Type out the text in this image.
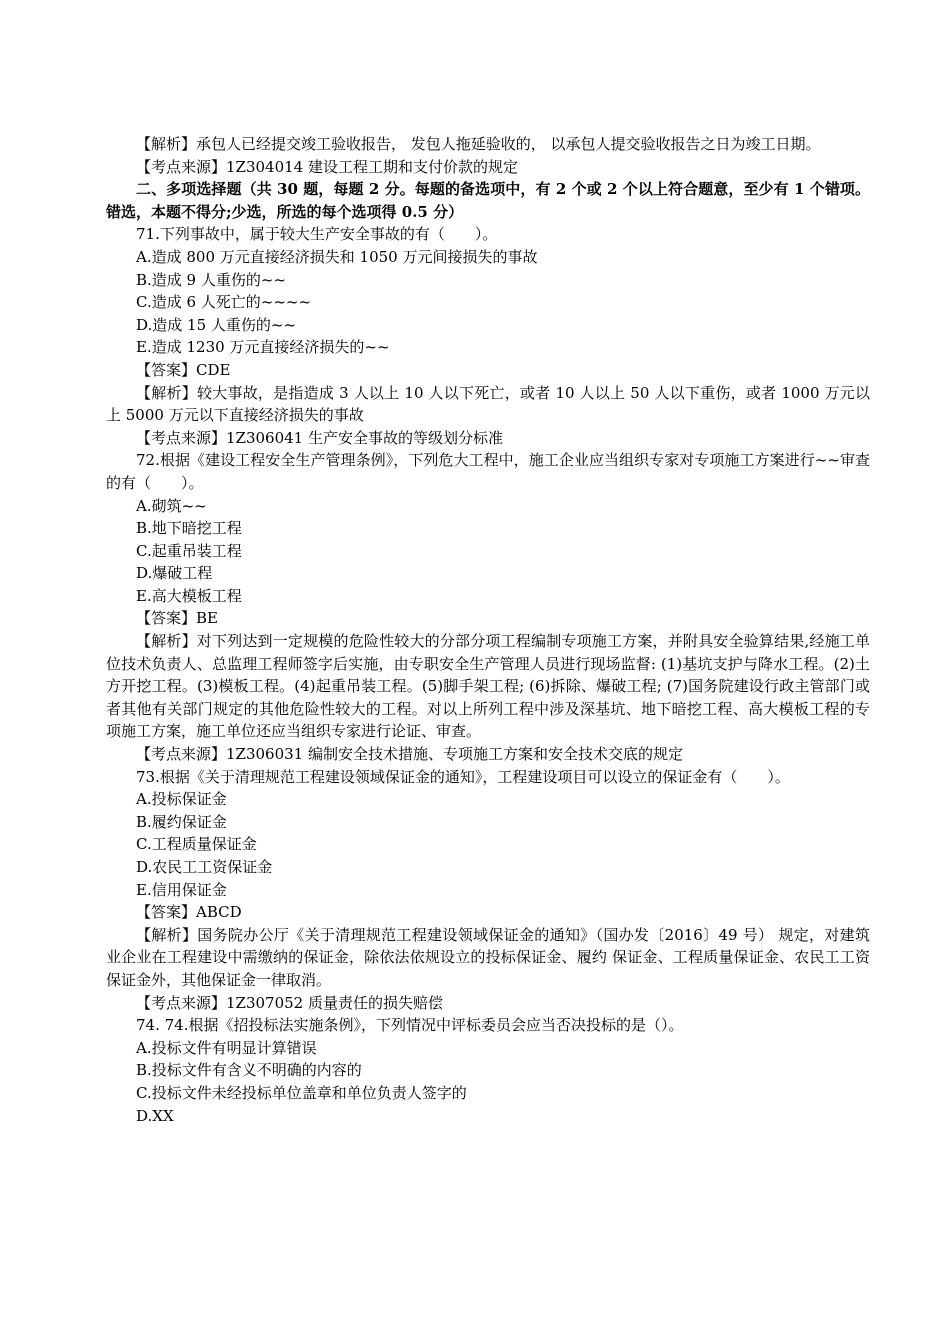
【解析】承包人已经提交竣工验收报告， 发包人拖延验收的， 以承包人提交验收报告之日为竣工日期。

【考点来源】1Z304014 建设工程工期和支付价款的规定

二、多项选择题（共 30 题，每题 2 分。每题的备选项中，有 2 个或 2 个以上符合题意，至少有 1 个错项。错选，本题不得分;少选，所选的每个选项得 0.5 分）

71.下列事故中，属于较大生产安全事故的有（　　）。

A.造成 800 万元直接经济损失和 1050 万元间接损失的事故

B.造成 9 人重伤的~~

C.造成 6 人死亡的~~~~

D.造成 15 人重伤的~~

E.造成 1230 万元直接经济损失的~~

【答案】CDE

【解析】较大事故，是指造成 3 人以上 10 人以下死亡，或者 10 人以上 50 人以下重伤，或者 1000 万元以上 5000 万元以下直接经济损失的事故

【考点来源】1Z306041 生产安全事故的等级划分标准

72.根据《建设工程安全生产管理条例》，下列危大工程中，施工企业应当组织专家对专项施工方案进行~~审查的有（　　）。

A.砌筑~~

B.地下暗挖工程

C.起重吊装工程

D.爆破工程

E.高大模板工程

【答案】BE

【解析】对下列达到一定规模的危险性较大的分部分项工程编制专项施工方案，并附具安全验算结果,经施工单位技术负责人、总监理工程师签字后实施，由专职安全生产管理人员进行现场监督: (1)基坑支护与降水工程。(2)土方开挖工程。(3)模板工程。(4)起重吊装工程。(5)脚手架工程; (6)拆除、爆破工程; (7)国务院建设行政主管部门或者其他有关部门规定的其他危险性较大的工程。对以上所列工程中涉及深基坑、地下暗挖工程、高大模板工程的专项施工方案，施工单位还应当组织专家进行论证、审查。

【考点来源】1Z306031 编制安全技术措施、专项施工方案和安全技术交底的规定

73.根据《关于清理规范工程建设领域保证金的通知》，工程建设项目可以设立的保证金有（　　）。

A.投标保证金

B.履约保证金

C.工程质量保证金

D.农民工工资保证金

E.信用保证金

【答案】ABCD

【解析】国务院办公厅《关于清理规范工程建设领域保证金的通知》（国办发〔2016〕49 号） 规定，对建筑业企业在工程建设中需缴纳的保证金，除依法依规设立的投标保证金、履约 保证金、工程质量保证金、农民工工资保证金外，其他保证金一律取消。

【考点来源】1Z307052 质量责任的损失赔偿

74. 74.根据《招投标法实施条例》，下列情况中评标委员会应当否决投标的是（）。

A.投标文件有明显计算错误

B.投标文件有含义不明确的内容的

C.投标文件未经投标单位盖章和单位负责人签字的

D.XX
